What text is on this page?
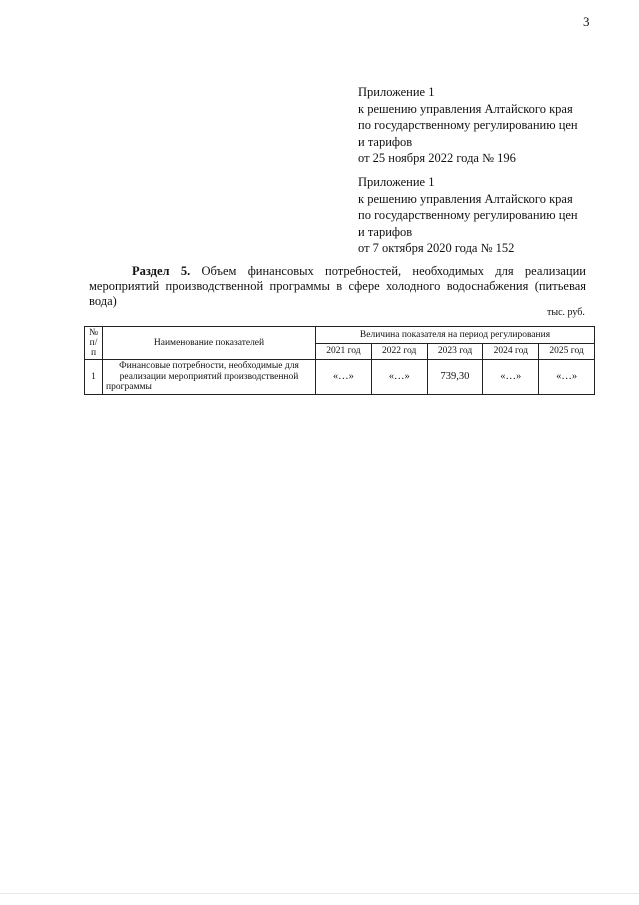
3
Приложение 1
к решению управления Алтайского края
по государственному регулированию цен
и тарифов
от 25 ноября 2022 года № 196
Приложение 1
к решению управления Алтайского края
по государственному регулированию цен
и тарифов
от 7 октября 2020 года № 152
Раздел 5. Объем финансовых потребностей, необходимых для реализации мероприятий производственной программы в сфере холодного водоснабжения (питьевая вода)
тыс. руб.
№ п/п	Наименование показателей	Величина показателя на период регулирования				
		2021 год	2022 год	2023 год	2024 год	2025 год
1	Финансовые потребности, необходимые для реализации мероприятий производственной программы	«…»	«…»	739,30	«…»	«…»
